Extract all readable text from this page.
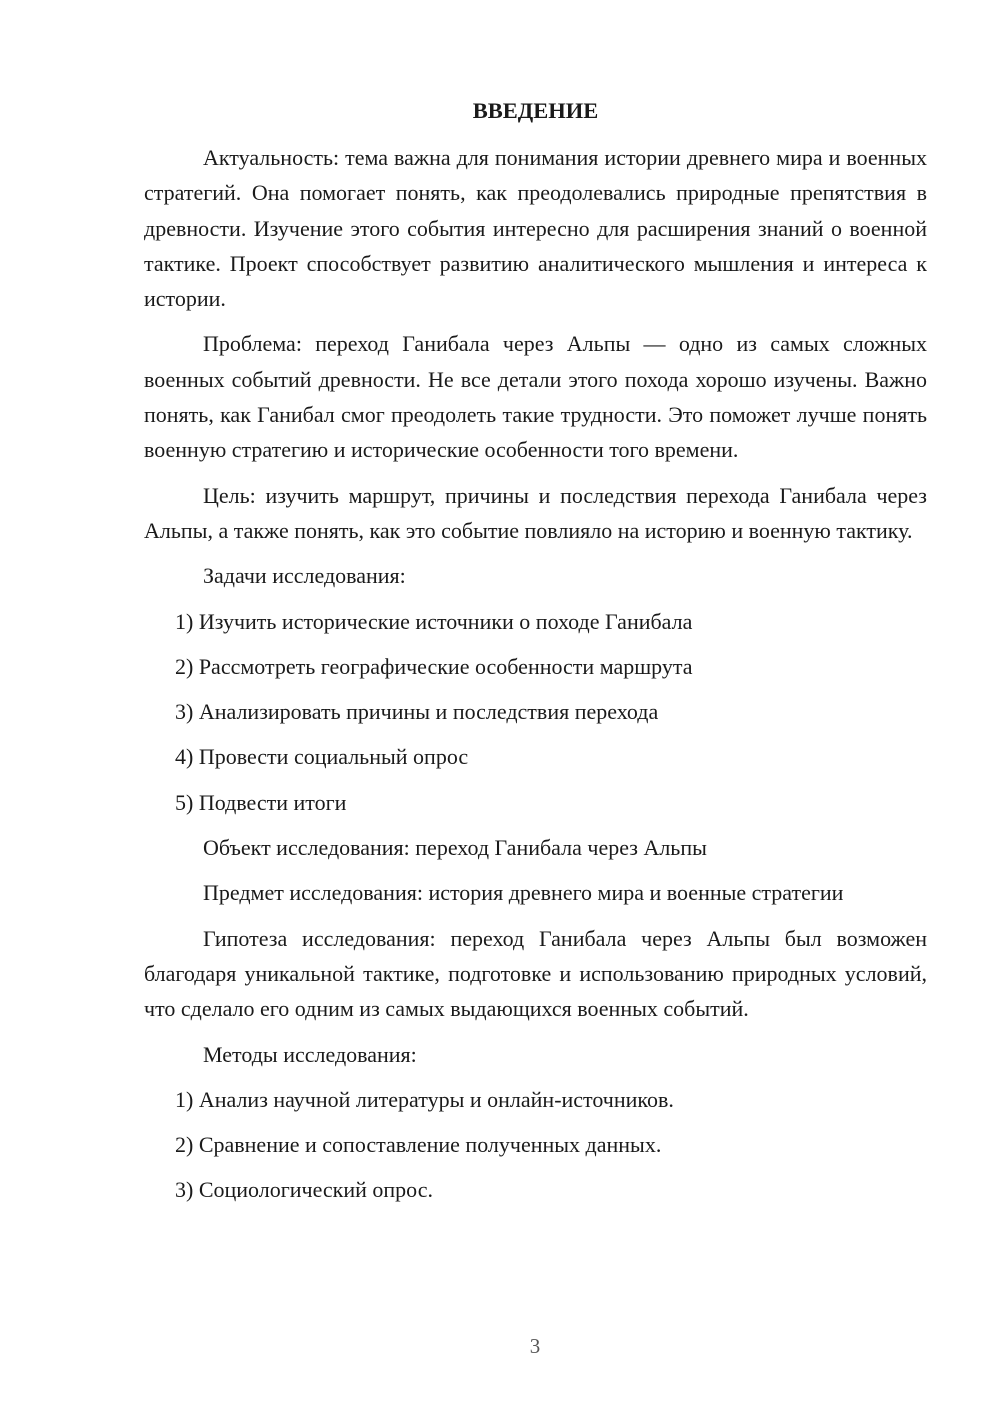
ВВЕДЕНИЕ

Актуальность: тема важна для понимания истории древнего мира и военных стратегий. Она помогает понять, как преодолевались природные препятствия в древности. Изучение этого события интересно для расширения знаний о военной тактике. Проект способствует развитию аналитического мышления и интереса к истории.

Проблема: переход Ганибала через Альпы — одно из самых сложных военных событий древности. Не все детали этого похода хорошо изучены. Важно понять, как Ганибал смог преодолеть такие трудности. Это поможет лучше понять военную стратегию и исторические особенности того времени.

Цель: изучить маршрут, причины и последствия перехода Ганибала через Альпы, а также понять, как это событие повлияло на историю и военную тактику.

Задачи исследования:
1) Изучить исторические источники о походе Ганибала
2) Рассмотреть географические особенности маршрута
3) Анализировать причины и последствия перехода
4) Провести социальный опрос
5) Подвести итоги
Объект исследования: переход Ганибала через Альпы
Предмет исследования: история древнего мира и военные стратегии

Гипотеза исследования: переход Ганибала через Альпы был возможен благодаря уникальной тактике, подготовке и использованию природных условий, что сделало его одним из самых выдающихся военных событий.

Методы исследования:
1) Анализ научной литературы и онлайн-источников.
2) Сравнение и сопоставление полученных данных.
3) Социологический опрос.
3
